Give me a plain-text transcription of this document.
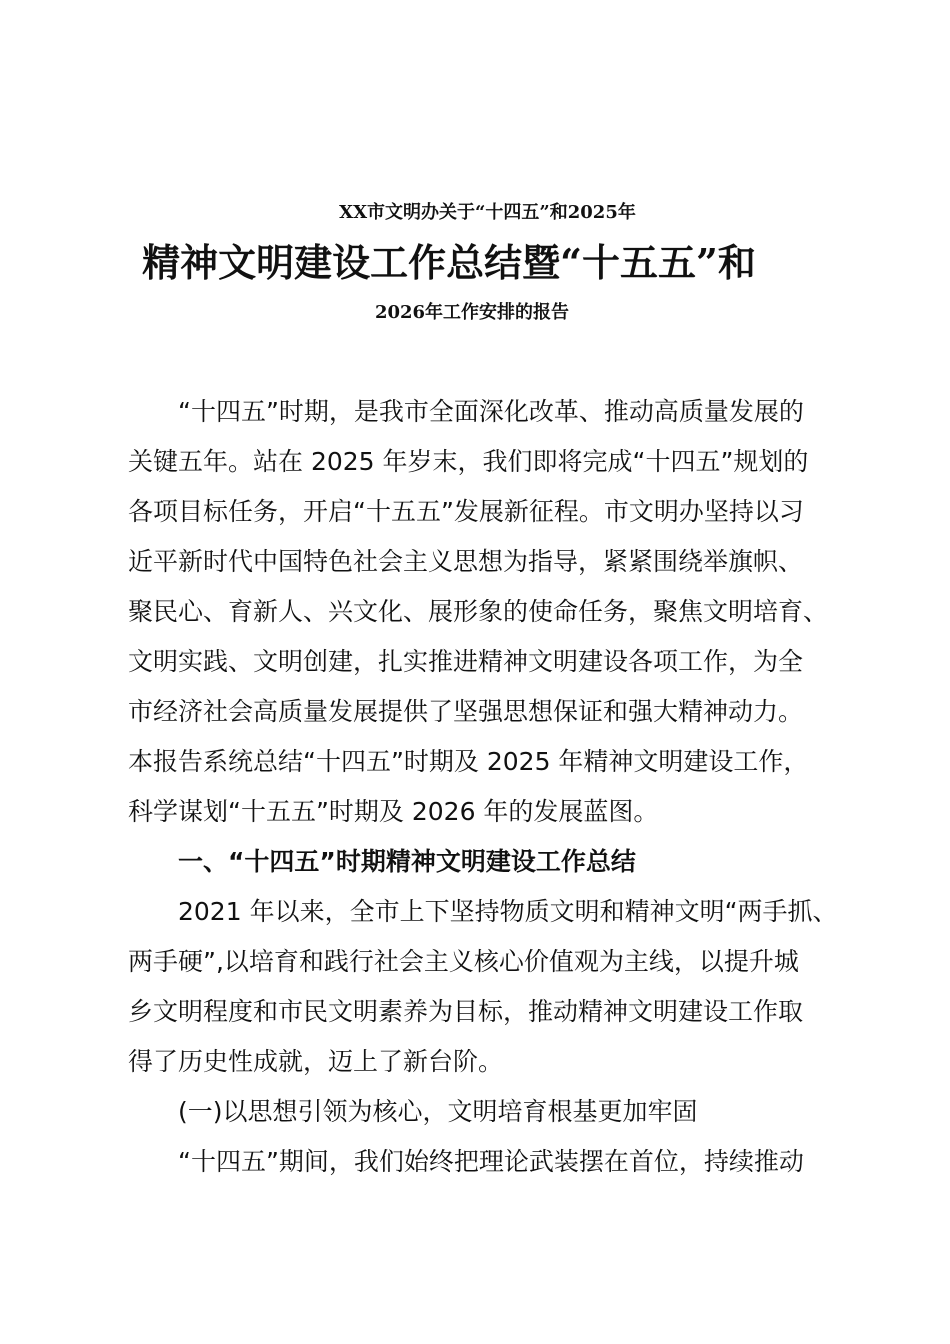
XX市文明办关于“十四五”和2025年
精神文明建设工作总结暨“十五五”和
2026年工作安排的报告
“十四五”时期，是我市全面深化改革、推动高质量发展的
关键五年。站在 2025 年岁末，我们即将完成“十四五”规划的
各项目标任务，开启“十五五”发展新征程。市文明办坚持以习
近平新时代中国特色社会主义思想为指导，紧紧围绕举旗帜、
聚民心、育新人、兴文化、展形象的使命任务，聚焦文明培育、
文明实践、文明创建，扎实推进精神文明建设各项工作，为全
市经济社会高质量发展提供了坚强思想保证和强大精神动力。
本报告系统总结“十四五”时期及 2025 年精神文明建设工作，
科学谋划“十五五”时期及 2026 年的发展蓝图。
一、“十四五”时期精神文明建设工作总结
2021 年以来，全市上下坚持物质文明和精神文明“两手抓、
两手硬”,以培育和践行社会主义核心价值观为主线，以提升城
乡文明程度和市民文明素养为目标，推动精神文明建设工作取
得了历史性成就，迈上了新台阶。
(一)以思想引领为核心，文明培育根基更加牢固
“十四五”期间，我们始终把理论武装摆在首位，持续推动
